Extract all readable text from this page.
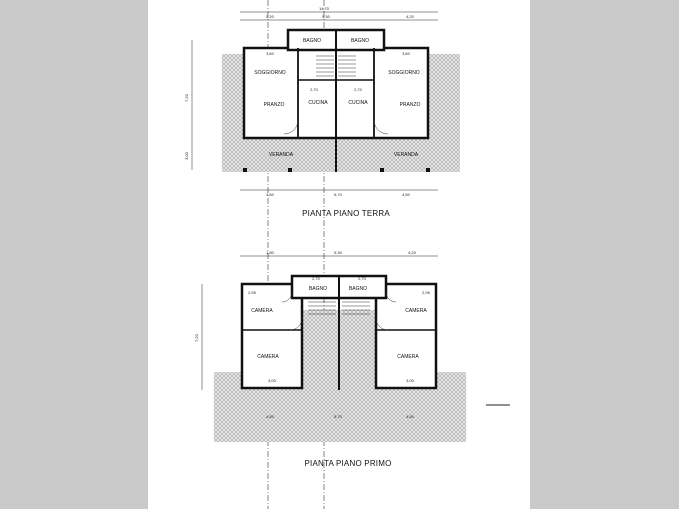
14,70
5,20	5,30	4,20
7,20
3,00
BAGNO	BAGNO
SOGGIORNO	SOGGIORNO
PRANZO	PRANZO
CUCINA	CUCINA
VERANDA	VERANDA
3,60
2,70	2,70
3,60
4,50	5,70	4,50
PIANTA PIANO TERRA
1,80	5,30	4,20
7,20
BAGNO	BAGNO
CAMERA	CAMERA
CAMERA	CAMERA
2,95
2,70	2,70
2,95
3,00	3,00
4,50	5,70	4,50
PIANTA PIANO PRIMO
